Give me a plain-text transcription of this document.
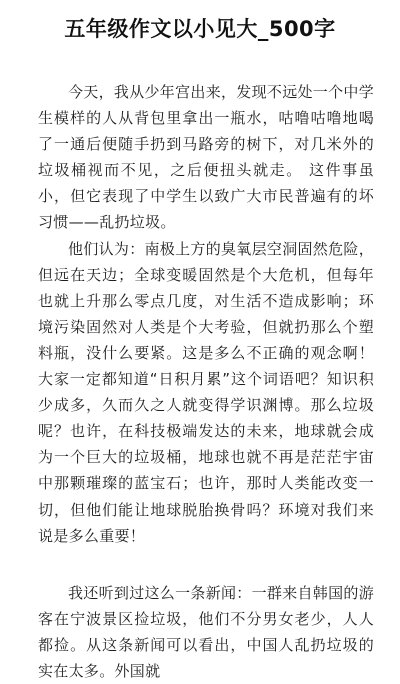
五年级作文以小见大_500字

今天，我从少年宫出来，发现不远处一个中学生模样的人从背包里拿出一瓶水，咕噜咕噜地喝了一通后便随手扔到马路旁的树下，对几米外的垃圾桶视而不见，之后便扭头就走。 这件事虽小，但它表现了中学生以致广大市民普遍有的坏习惯——乱扔垃圾。

他们认为：南极上方的臭氧层空洞固然危险，但远在天边；全球变暖固然是个大危机，但每年也就上升那么零点几度，对生活不造成影响；环境污染固然对人类是个大考验，但就扔那么个塑料瓶，没什么要紧。这是多么不正确的观念啊！ 大家一定都知道“日积月累”这个词语吧？知识积少成多，久而久之人就变得学识渊博。那么垃圾呢？也许，在科技极端发达的未来，地球就会成为一个巨大的垃圾桶，地球也就不再是茫茫宇宙中那颗璀璨的蓝宝石；也许，那时人类能改变一切，但他们能让地球脱胎换骨吗？环境对我们来说是多么重要！

我还听到过这么一条新闻：一群来自韩国的游客在宁波景区捡垃圾，他们不分男女老少，人人都捡。从这条新闻可以看出，中国人乱扔垃圾的实在太多。外国就
